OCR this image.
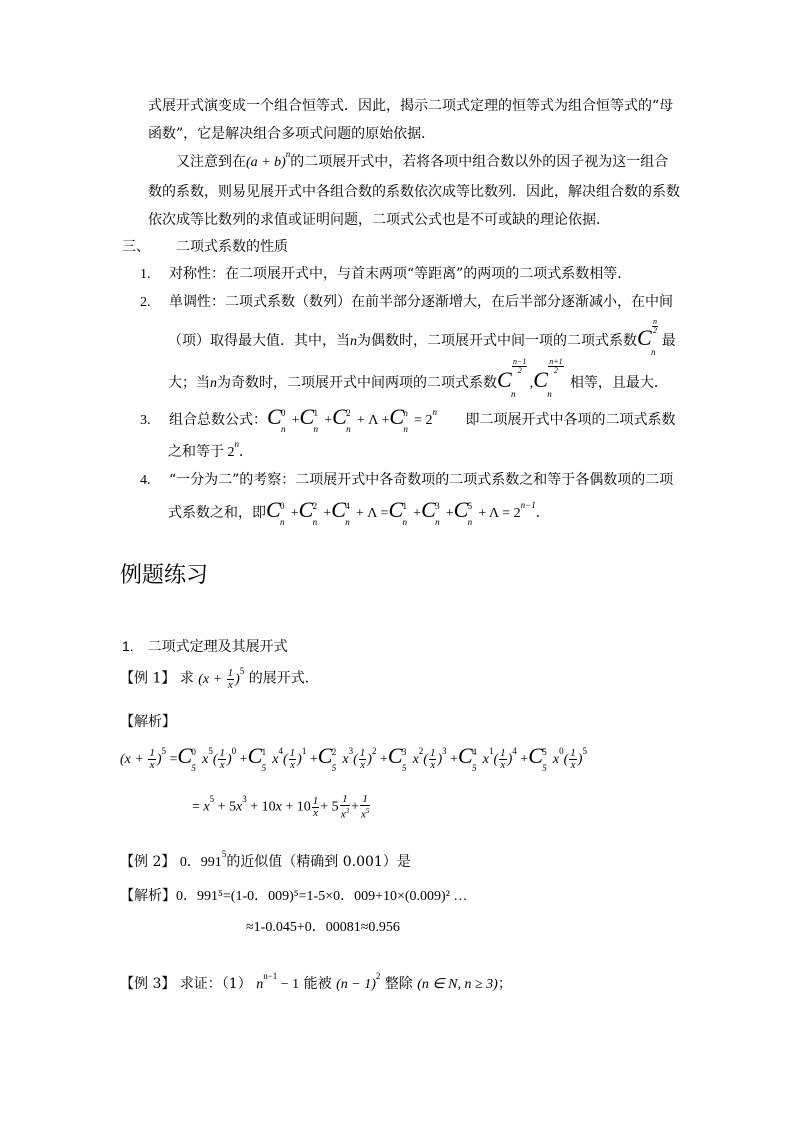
式展开式演变成一个组合恒等式．因此，揭示二项式定理的恒等式为组合恒等式的“母
函数”，它是解决组合多项式问题的原始依据．
又注意到在$(a + b)^n$的二项展开式中，若将各项中组合数以外的因子视为这一组合
数的系数，则易见展开式中各组合数的系数依次成等比数列．因此，解决组合数的系数
依次成等比数列的求值或证明问题，二项式公式也是不可或缺的理论依据．
三、 二项式系数的性质
1. 对称性：在二项展开式中，与首末两项“等距离”的两项的二项式系数相等．
2. 单调性：二项式系数（数列）在前半部分逐渐增大，在后半部分逐渐减小，在中间
（项）取得最大值．其中，当n为偶数时，二项展开式中间一项的二项式系数C $\frac{n}{2}$
n
最
大；当n为奇数时，二项展开式中间两项的二项式系数C
$\frac{n-1}{2}$
n
,C
$\frac{n+1}{2}$
n
相等，且最大．
3. 组合总数公式：C 0
n
+C 1
n
+C 2
n
+ Λ +C n
n
= $2^n$ 即二项展开式中各项的二项式系数
之和等于 2$^n$．
4. “一分为二”的考察：二项展开式中各奇数项的二项式系数之和等于各偶数项的二项
式系数之和，即C 0
n
+C 2
n
+C 4
n
+ Λ =C 1
n
+C 3
n
+C 5
n
+ $\Lambda = 2^{n-1}$．
例题练习
1.　二项式定理及其展开式
【例 1】 求 $(x + \frac{1}{x} )^5$ 的展开式．
【解析】
$(x + \frac{1}{x} )^5 =C$ 0
5
$x^5( \frac{1}{x} )^0 +C$ 1
5
$x^4( \frac{1}{x} )^1 +C$ 2
5
$x^3( \frac{1}{x} )^2 +C$ 3
5
$x^2( \frac{1}{x} )^3 +C$ 4
5
$x^1( \frac{1}{x} )^4 +C$ 5
5
$x^0( \frac{1}{x} )^5$
= $x^5 + 5x^3 + 10x + 10 \frac{1}{x} + 5 \frac{1}{x^3} + \frac{1}{x^5}$
【例 2】 0．$991^5$的近似值（精确到 0.001）是
【解析】0．991⁵=(1-0．009)⁵=1-5×0．009+10×(0.009)² …
≈1-0.045+0．00081≈0.956
【例 3】 求证：（1） $n^{n-1} - 1$ 能被 $(n - 1)^2$ 整除 (n ∈ N, n ≥ 3)；
